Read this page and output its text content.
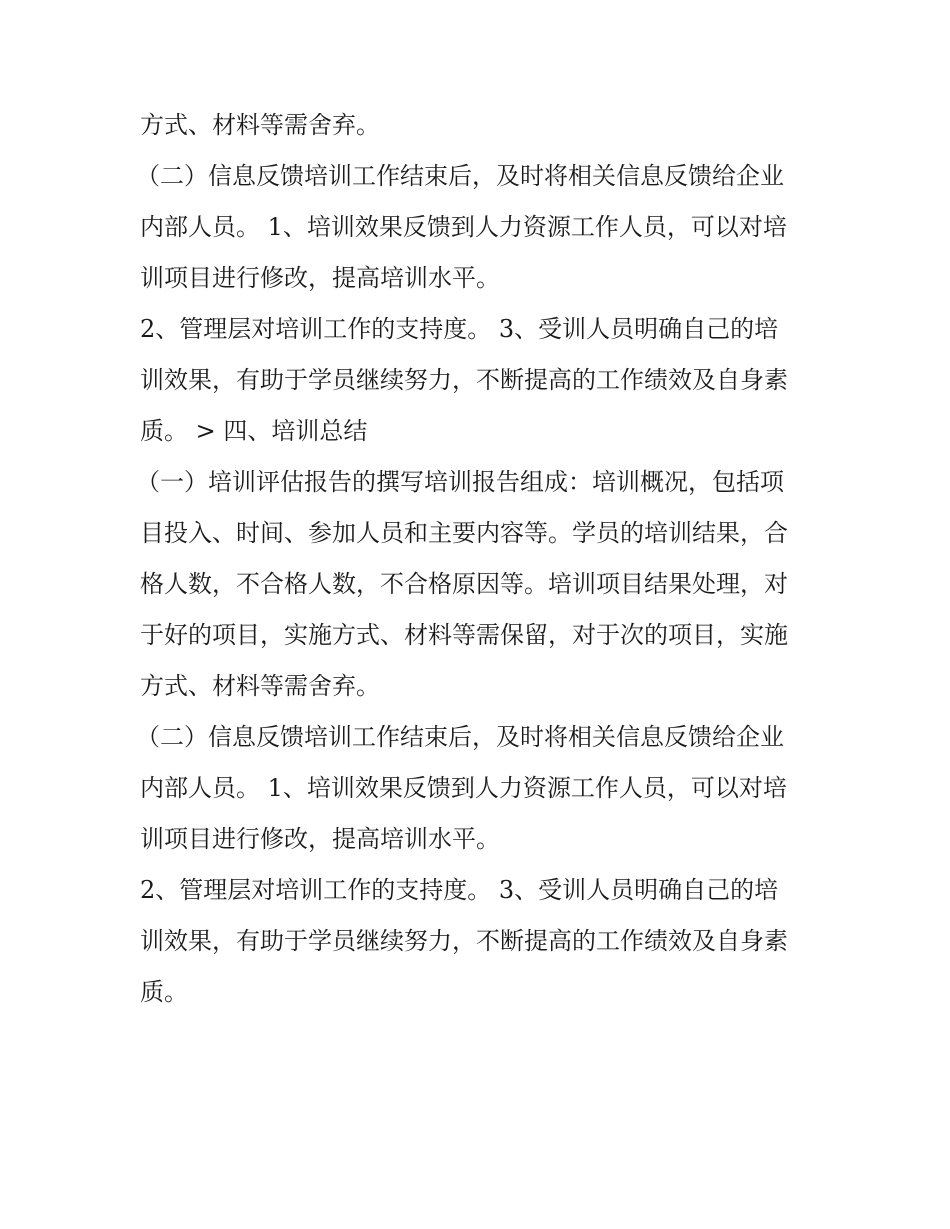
方式、材料等需舍弃。
（二）信息反馈培训工作结束后，及时将相关信息反馈给企业
内部人员。 1、培训效果反馈到人力资源工作人员，可以对培
训项目进行修改，提高培训水平。
2、管理层对培训工作的支持度。 3、受训人员明确自己的培
训效果，有助于学员继续努力，不断提高的工作绩效及自身素
质。 > 四、培训总结
（一）培训评估报告的撰写培训报告组成：培训概况，包括项
目投入、时间、参加人员和主要内容等。学员的培训结果，合
格人数，不合格人数，不合格原因等。培训项目结果处理，对
于好的项目，实施方式、材料等需保留，对于次的项目，实施
方式、材料等需舍弃。
（二）信息反馈培训工作结束后，及时将相关信息反馈给企业
内部人员。 1、培训效果反馈到人力资源工作人员，可以对培
训项目进行修改，提高培训水平。
2、管理层对培训工作的支持度。 3、受训人员明确自己的培
训效果，有助于学员继续努力，不断提高的工作绩效及自身素
质。
